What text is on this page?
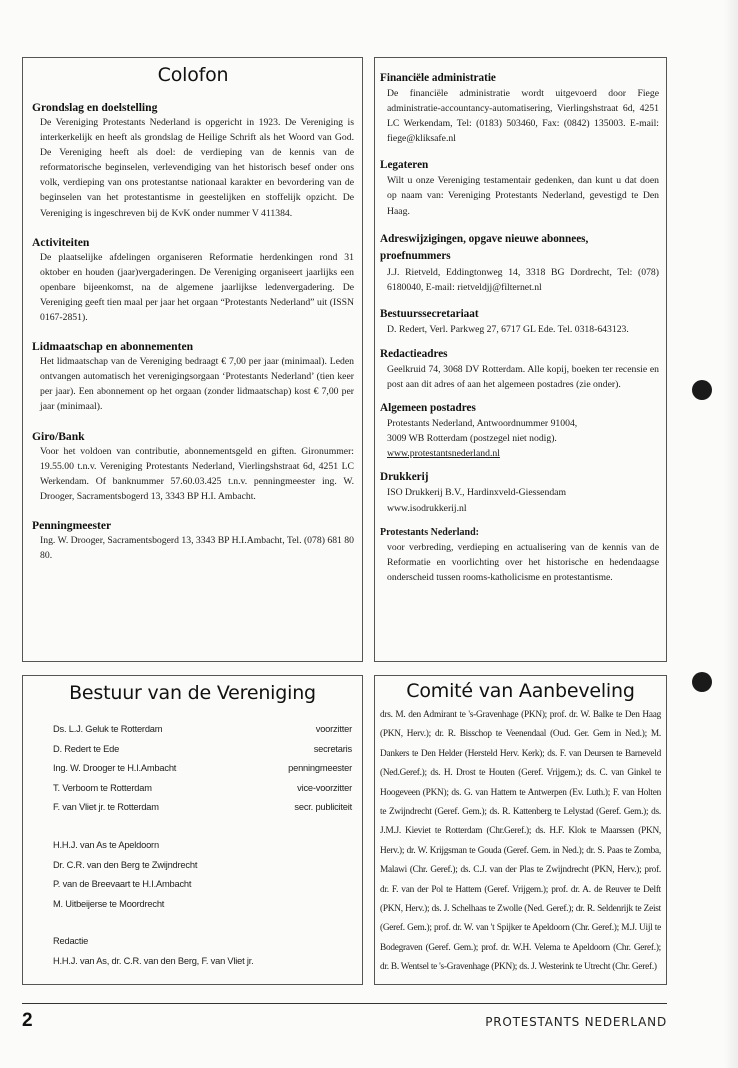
Colofon

Grondslag en doelstelling

De Vereniging Protestants Nederland is opgericht in 1923. De Vereniging is interkerkelijk en heeft als grondslag de Heilige Schrift als het Woord van God. De Vereniging heeft als doel: de verdieping van de kennis van de reformatorische beginselen, verlevendiging van het historisch besef onder ons volk, verdieping van ons protestantse nationaal karakter en bevordering van de beginselen van het protestantisme in geestelijken en stoffelijk opzicht. De Vereniging is ingeschreven bij de KvK onder nummer V 411384.

Activiteiten

De plaatselijke afdelingen organiseren Reformatie herdenkingen rond 31 oktober en houden (jaar)vergaderingen. De Vereniging organiseert jaarlijks een openbare bijeenkomst, na de algemene jaarlijkse ledenvergadering. De Vereniging geeft tien maal per jaar het orgaan “Protestants Nederland” uit (ISSN 0167-2851).

Lidmaatschap en abonnementen

Het lidmaatschap van de Vereniging bedraagt € 7,00 per jaar (minimaal). Leden ontvangen automatisch het verenigingsorgaan ‘Protestants Nederland’ (tien keer per jaar). Een abonnement op het orgaan (zonder lidmaatschap) kost € 7,00 per jaar (minimaal).

Giro/Bank

Voor het voldoen van contributie, abonnementsgeld en giften. Gironummer: 19.55.00 t.n.v. Vereniging Protestants Nederland, Vierlingshstraat 6d, 4251 LC Werkendam. Of banknummer 57.60.03.425 t.n.v. penningmeester ing. W. Drooger, Sacramentsbogerd 13, 3343 BP H.I. Ambacht.

Penningmeester

Ing. W. Drooger, Sacramentsbogerd 13, 3343 BP H.I.Ambacht, Tel. (078) 681 80 80.

Financiële administratie

De financiële administratie wordt uitgevoerd door Fiege administratie-accountancy-automatisering, Vierlingshstraat 6d, 4251 LC Werkendam, Tel: (0183) 503460, Fax: (0842) 135003. E-mail: fiege@kliksafe.nl

Legateren

Wilt u onze Vereniging testamentair gedenken, dan kunt u dat doen op naam van: Vereniging Protestants Nederland, gevestigd te Den Haag.

Adreswijzigingen, opgave nieuwe abonnees, proefnummers

J.J. Rietveld, Eddingtonweg 14, 3318 BG Dordrecht, Tel: (078) 6180040, E-mail: rietveldjj@filternet.nl

Bestuurssecretariaat

D. Redert, Verl. Parkweg 27, 6717 GL Ede. Tel. 0318-643123.

Redactieadres

Geelkruid 74, 3068 DV Rotterdam. Alle kopij, boeken ter recensie en post aan dit adres of aan het algemeen postadres (zie onder).

Algemeen postadres

Protestants Nederland, Antwoordnummer 91004,

3009 WB Rotterdam (postzegel niet nodig).

www.protestantsnederland.nl

Drukkerij

ISO Drukkerij B.V., Hardinxveld-Giessendam

www.isodrukkerij.nl

Protestants Nederland:

voor verbreding, verdieping en actualisering van de kennis van de Reformatie en voorlichting over het historische en hedendaagse onderscheid tussen rooms-katholicisme en protestantisme.

Bestuur van de Vereniging
Ds. L.J. Geluk te Rotterdam	voorzitter
D. Redert te Ede	secretaris
Ing. W. Drooger te H.I.Ambacht	penningmeester
T. Verboom te Rotterdam	vice-voorzitter
F. van Vliet jr. te Rotterdam	secr. publiciteit
H.H.J. van As te Apeldoorn
Dr. C.R. van den Berg te Zwijndrecht
P. van de Breevaart te H.I.Ambacht
M. Uitbeijerse te Moordrecht
Redactie
H.H.J. van As, dr. C.R. van den Berg, F. van Vliet jr.
Comité van Aanbeveling

drs. M. den Admirant te 's-Gravenhage (PKN); prof. dr. W. Balke te Den Haag (PKN, Herv.); dr. R. Bisschop te Veenendaal (Oud. Ger. Gem in Ned.); M. Dankers te Den Helder (Hersteld Herv. Kerk); ds. F. van Deursen te Barneveld (Ned.Geref.); ds. H. Drost te Houten (Geref. Vrijgem.); ds. C. van Ginkel te Hoogeveen (PKN); ds. G. van Hattem te Antwerpen (Ev. Luth.); F. van Holten te Zwijndrecht (Geref. Gem.); ds. R. Kattenberg te Lelystad (Geref. Gem.); ds. J.M.J. Kieviet te Rotterdam (Chr.Geref.); ds. H.F. Klok te Maarssen (PKN, Herv.); dr. W. Krijgsman te Gouda (Geref. Gem. in Ned.); dr. S. Paas te Zomba, Malawi (Chr. Geref.); ds. C.J. van der Plas te Zwijndrecht (PKN, Herv.); prof. dr. F. van der Pol te Hattem (Geref. Vrijgem.); prof. dr. A. de Reuver te Delft (PKN, Herv.); ds. J. Schelhaas te Zwolle (Ned. Geref.); dr. R. Seldenrijk te Zeist (Geref. Gem.); prof. dr. W. van 't Spijker te Apeldoorn (Chr. Geref.); M.J. Uijl te Bodegraven (Geref. Gem.); prof. dr. W.H. Velema te Apeldoorn (Chr. Geref.); dr. B. Wentsel te 's-Gravenhage (PKN); ds. J. Westerink te Utrecht (Chr. Geref.)

2	PROTESTANTS NEDERLAND
